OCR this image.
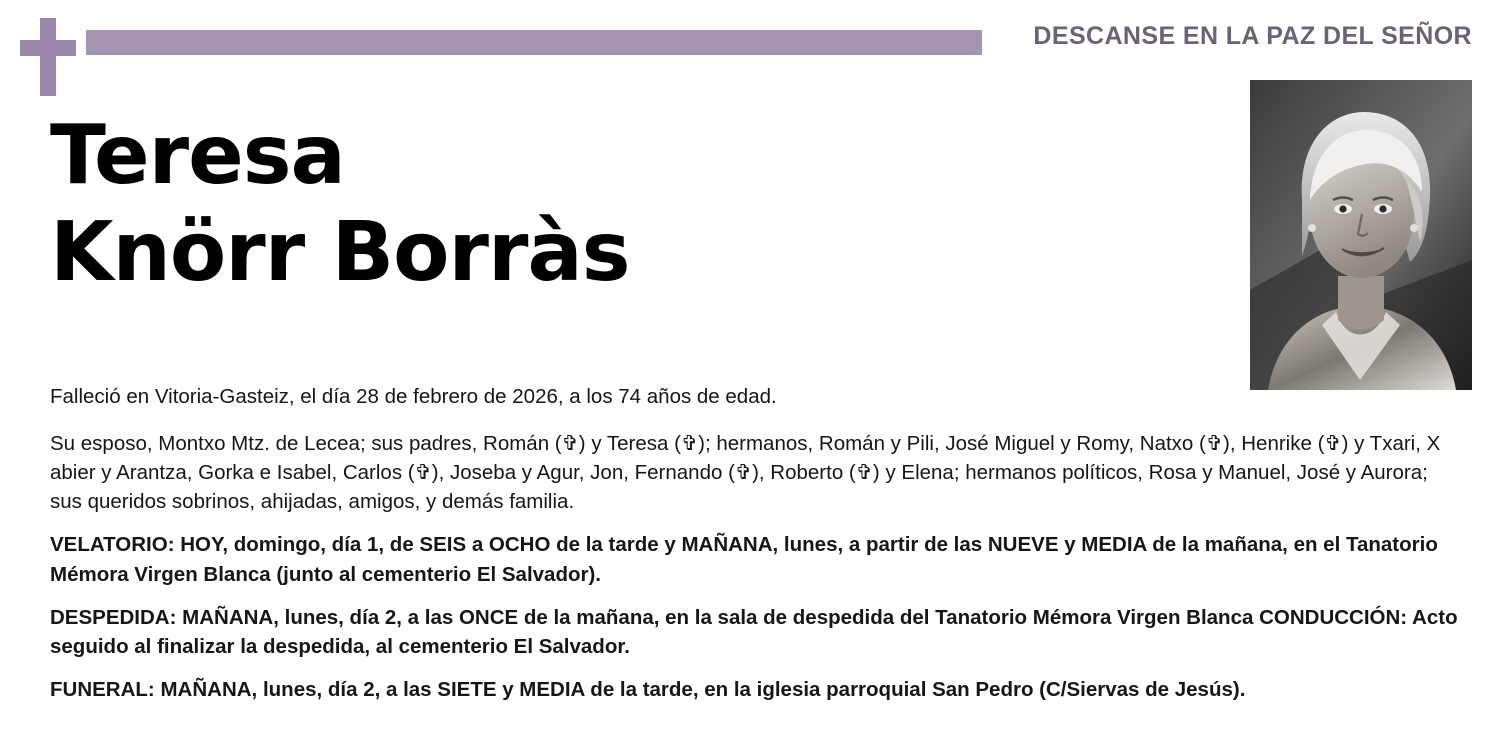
DESCANSE EN LA PAZ DEL SEÑOR
Teresa
Knörr Borràs
Falleció en Vitoria-Gasteiz, el día 28 de febrero de 2026, a los 74 años de edad.
Su esposo, Montxo Mtz. de Lecea; sus padres, Román (✞) y Teresa (✞); hermanos, Román y Pili, José Miguel y Romy, Natxo (✞), Henrike (✞) y Txari, X abier y Arantza, Gorka e Isabel, Carlos (✞), Joseba y Agur, Jon, Fernando (✞), Roberto (✞) y Elena; hermanos políticos, Rosa y Manuel, José y Aurora; sus queridos sobrinos, ahijadas, amigos, y demás familia.
VELATORIO: HOY, domingo, día 1, de SEIS a OCHO de la tarde y MAÑANA, lunes, a partir de las NUEVE y MEDIA de la mañana, en el Tanatorio Mémora Virgen Blanca (junto al cementerio El Salvador).
DESPEDIDA: MAÑANA, lunes, día 2, a las ONCE de la mañana, en la sala de despedida del Tanatorio Mémora Virgen Blanca CONDUCCIÓN: Acto seguido al finalizar la despedida, al cementerio El Salvador.
FUNERAL: MAÑANA, lunes, día 2, a las SIETE y MEDIA de la tarde, en la iglesia parroquial San Pedro (C/Siervas de Jesús).
